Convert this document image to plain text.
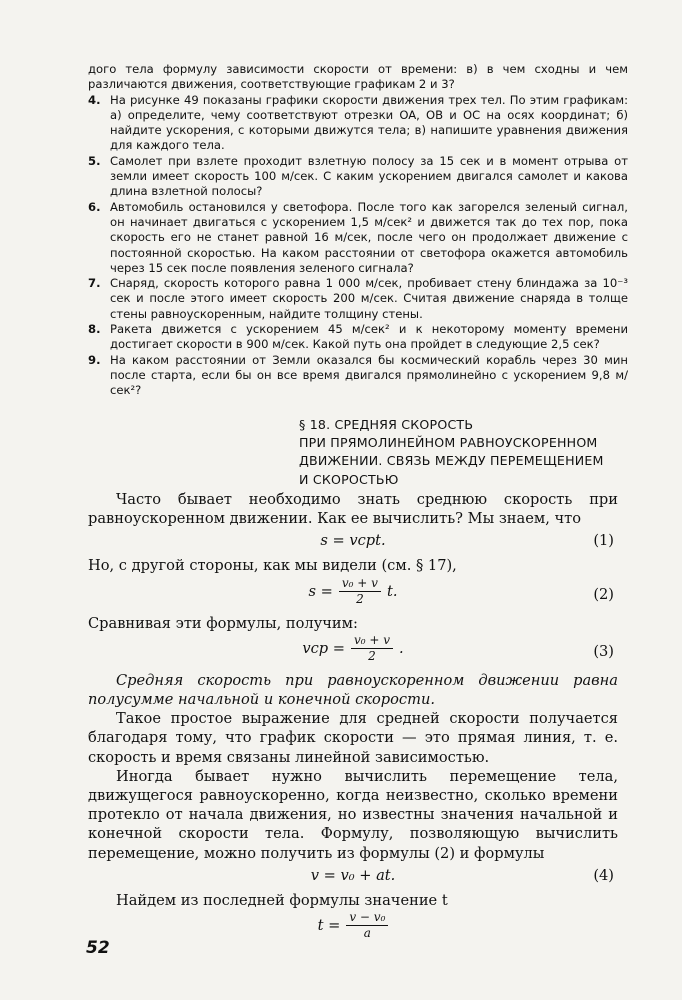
дого тела формулу зависимости скорости от времени: в) в чем сходны и чем различаются движения, соответствующие графикам 2 и 3?
4. На рисунке 49 показаны графики скорости движения трех тел. По этим графикам: а) определите, чему соответствуют отрезки OA, OB и OC на осях координат; б) найдите ускорения, с которыми движутся тела; в) напишите уравнения движения для каждого тела.
5. Самолет при взлете проходит взлетную полосу за 15 сек и в момент отрыва от земли имеет скорость 100 м/сек. С каким ускорением двигался самолет и какова длина взлетной полосы?
6. Автомобиль остановился у светофора. После того как загорелся зеленый сигнал, он начинает двигаться с ускорением 1,5 м/сек² и движется так до тех пор, пока скорость его не станет равной 16 м/сек, после чего он продолжает движение с постоянной скоростью. На каком расстоянии от светофора окажется автомобиль через 15 сек после появления зеленого сигнала?
7. Снаряд, скорость которого равна 1 000 м/сек, пробивает стену блиндажа за 10⁻³ сек и после этого имеет скорость 200 м/сек. Считая движение снаряда в толще стены равноускоренным, найдите толщину стены.
8. Ракета движется с ускорением 45 м/сек² и к некоторому моменту времени достигает скорости в 900 м/сек. Какой путь она пройдет в следующие 2,5 сек?
9. На каком расстоянии от Земли оказался бы космический корабль через 30 мин после старта, если бы он все время двигался прямолинейно с ускорением 9,8 м/сек²?
§ 18. СРЕДНЯЯ СКОРОСТЬ
ПРИ ПРЯМОЛИНЕЙНОМ РАВНОУСКОРЕННОМ
ДВИЖЕНИИ. СВЯЗЬ МЕЖДУ ПЕРЕМЕЩЕНИЕМ
И СКОРОСТЬЮ

Часто бывает необходимо знать среднюю скорость при равноускоренном движении. Как ее вычислить? Мы знаем, что

s = vсрt.	(1)

Но, с другой стороны, как мы видели (см. § 17),

$s = \frac{\text{v₀ + v}}{2} t$.	(2)

Сравнивая эти формулы, получим:

vср = $\frac{\text{v₀ + v}}{2}$ .	(3)

Средняя скорость при равноускоренном движении равна полусумме начальной и конечной скорости.

Такое простое выражение для средней скорости получается благодаря тому, что график скорости — это прямая линия, т. е. скорость и время связаны линейной зависимостью.

Иногда бывает нужно вычислить перемещение тела, движущегося равноускоренно, когда неизвестно, сколько времени протекло от начала движения, но известны значения начальной и конечной скорости тела. Формулу, позволяющую вычислить перемещение, можно получить из формулы (2) и формулы

v = v₀ + at.	(4)

Найдем из последней формулы значение t

$t = \frac{\text{v − v₀}}{a}$
52
